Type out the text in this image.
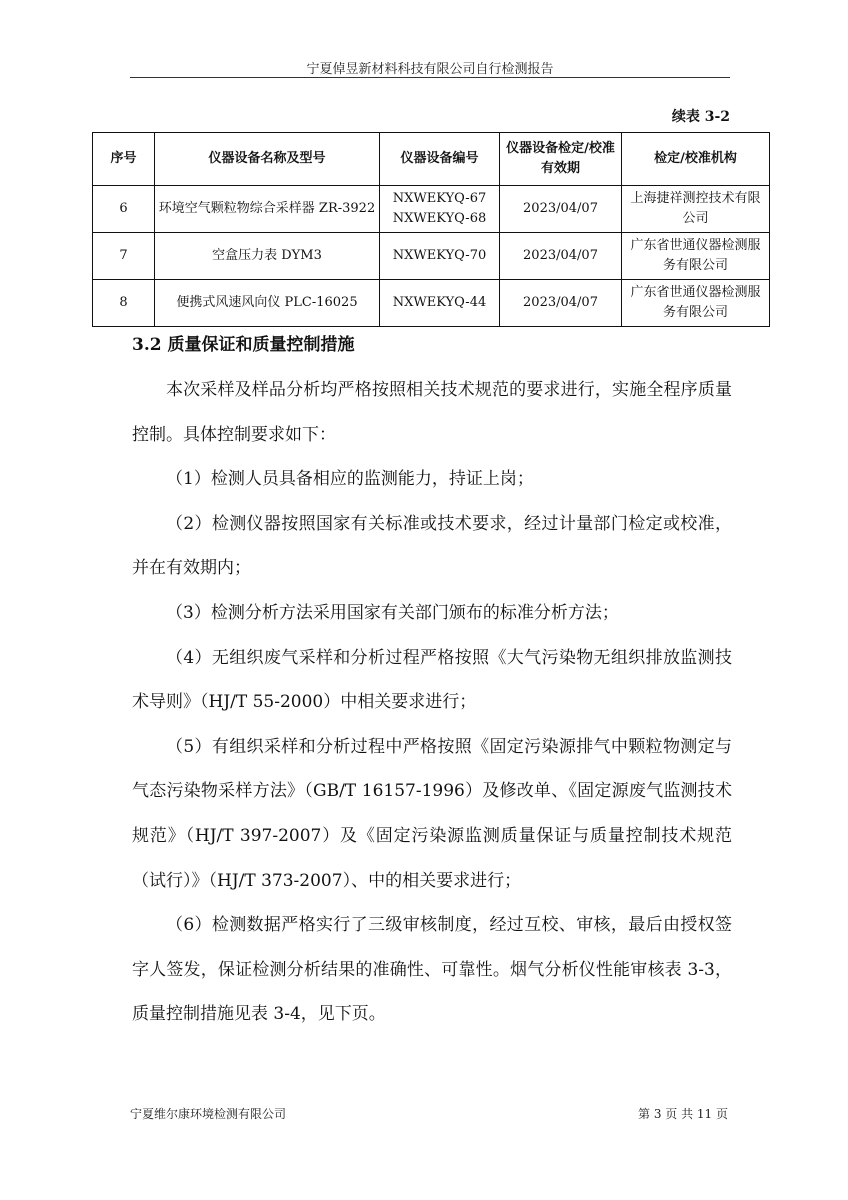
宁夏倬昱新材料科技有限公司自行检测报告
续表 3-2
序号	仪器设备名称及型号	仪器设备编号	仪器设备检定/校准有效期	检定/校准机构
6	环境空气颗粒物综合采样器 ZR-3922	NXWEKYQ-67 NXWEKYQ-68	2023/04/07	上海捷祥测控技术有限公司
7	空盒压力表 DYM3	NXWEKYQ-70	2023/04/07	广东省世通仪器检测服务有限公司
8	便携式风速风向仪 PLC-16025	NXWEKYQ-44	2023/04/07	广东省世通仪器检测服务有限公司
3.2 质量保证和质量控制措施

本次采样及样品分析均严格按照相关技术规范的要求进行，实施全程序质量控制。具体控制要求如下：

（1）检测人员具备相应的监测能力，持证上岗；

（2）检测仪器按照国家有关标准或技术要求，经过计量部门检定或校准，并在有效期内；

（3）检测分析方法采用国家有关部门颁布的标准分析方法；

（4）无组织废气采样和分析过程严格按照《大气污染物无组织排放监测技术导则》（HJ/T 55-2000）中相关要求进行；

（5）有组织采样和分析过程中严格按照《固定污染源排气中颗粒物测定与气态污染物采样方法》（GB/T 16157-1996）及修改单、《固定源废气监测技术规范》（HJ/T 397-2007）及《固定污染源监测质量保证与质量控制技术规范（试行）》（HJ/T 373-2007）、中的相关要求进行；

（6）检测数据严格实行了三级审核制度，经过互校、审核，最后由授权签字人签发，保证检测分析结果的准确性、可靠性。烟气分析仪性能审核表 3-3，质量控制措施见表 3-4，见下页。

宁夏维尔康环境检测有限公司	第 3 页 共 11 页
